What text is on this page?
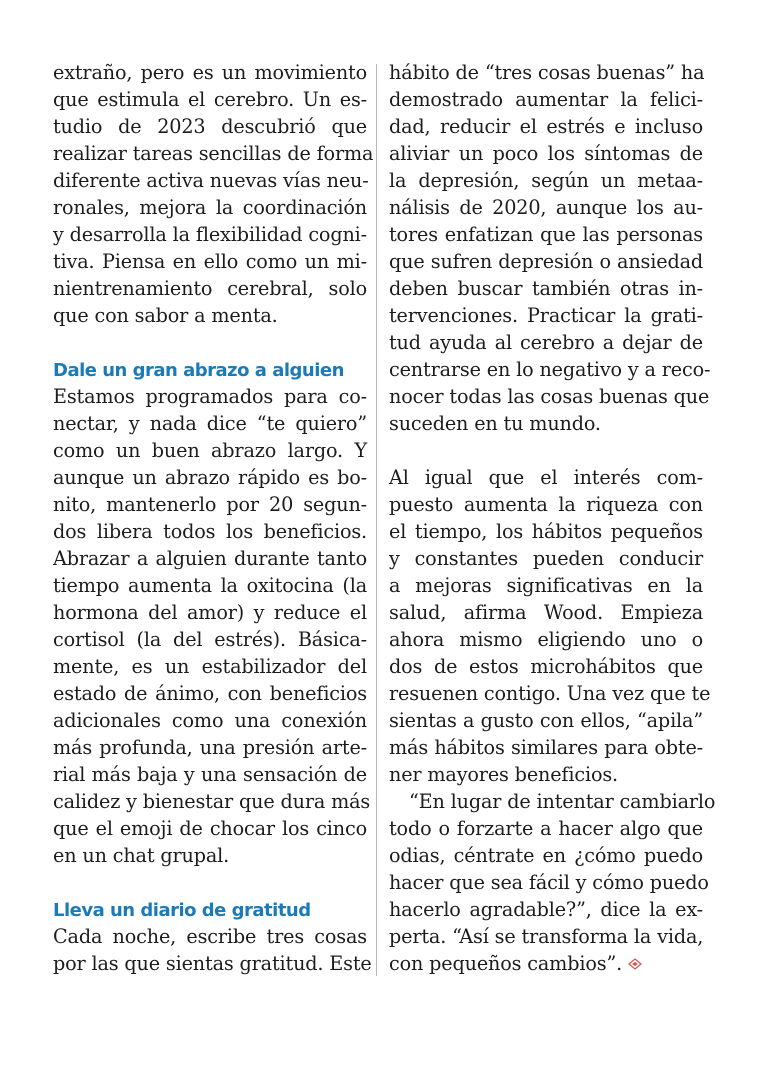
extraño, pero es un movimiento
que estimula el cerebro. Un es-
tudio de 2023 descubrió que
realizar tareas sencillas de forma
diferente activa nuevas vías neu-
ronales, mejora la coordinación
y desarrolla la flexibilidad cogni-
tiva. Piensa en ello como un mi-
nientrenamiento cerebral, solo
que con sabor a menta.
Dale un gran abrazo a alguien
Estamos programados para co-
nectar, y nada dice “te quiero”
como un buen abrazo largo. Y
aunque un abrazo rápido es bo-
nito, mantenerlo por 20 segun-
dos libera todos los beneficios.
Abrazar a alguien durante tanto
tiempo aumenta la oxitocina (la
hormona del amor) y reduce el
cortisol (la del estrés). Básica-
mente, es un estabilizador del
estado de ánimo, con beneficios
adicionales como una conexión
más profunda, una presión arte-
rial más baja y una sensación de
calidez y bienestar que dura más
que el emoji de chocar los cinco
en un chat grupal.
Lleva un diario de gratitud
Cada noche, escribe tres cosas
por las que sientas gratitud. Este
hábito de “tres cosas buenas” ha
demostrado aumentar la felici-
dad, reducir el estrés e incluso
aliviar un poco los síntomas de
la depresión, según un metaa-
nálisis de 2020, aunque los au-
tores enfatizan que las personas
que sufren depresión o ansiedad
deben buscar también otras in-
tervenciones. Practicar la grati-
tud ayuda al cerebro a dejar de
centrarse en lo negativo y a reco-
nocer todas las cosas buenas que
suceden en tu mundo.
Al igual que el interés com-
puesto aumenta la riqueza con
el tiempo, los hábitos pequeños
y constantes pueden conducir
a mejoras significativas en la
salud, afirma Wood. Empieza
ahora mismo eligiendo uno o
dos de estos microhábitos que
resuenen contigo. Una vez que te
sientas a gusto con ellos, “apila”
más hábitos similares para obte-
ner mayores beneficios.
“En lugar de intentar cambiarlo
todo o forzarte a hacer algo que
odias, céntrate en ¿cómo puedo
hacer que sea fácil y cómo puedo
hacerlo agradable?”, dice la ex-
perta. “Así se transforma la vida,
con pequeños cambios”.
